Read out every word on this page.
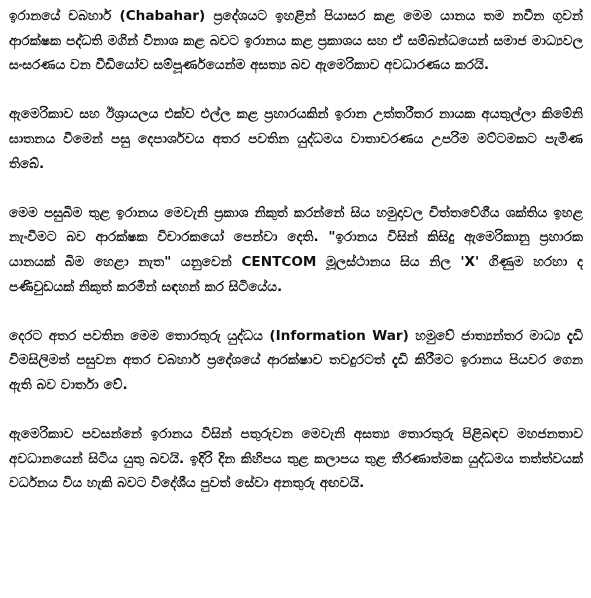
ඉරානයේ චබහාර් (Chabahar) ප්‍රදේශයට ඉහළින් පියාසර කළ මෙම යානය තම නවීන ගුවන් ආරක්ෂක පද්ධති මගින් විනාශ කළ බවට ඉරානය කළ ප්‍රකාශය සහ ඒ සම්බන්ධයෙන් සමාජ මාධ්‍යවල සංසරණය වන වීඩියෝව සම්පූර්ණයෙන්ම අසත්‍ය බව ඇමෙරිකාව අවධාරණය කරයි.

ඇමෙරිකාව සහ ඊශ්‍රායලය එක්ව එල්ල කළ ප්‍රහාරයකින් ඉරාන උත්තරීතර නායක අයතුල්ලා කිමේනි ඝාතනය වීමෙන් පසු දෙපාර්ශවය අතර පවතින යුද්ධමය වාතාවරණය උපරිම මට්ටමකට පැමිණ තිබේ.

මෙම පසුබිම තුළ ඉරානය මෙවැනි ප්‍රකාශ නිකුත් කරන්නේ සිය හමුදාවල චිත්තවේගීය ශක්තිය ඉහළ නැංවීමට බව ආරක්ෂක විචාරකයෝ පෙන්වා දෙති. "ඉරානය විසින් කිසිදු ඇමෙරිකානු ප්‍රහාරක යානයක් බිම හෙළා නැත" යනුවෙන් CENTCOM මූලස්ථානය සිය නිල 'X' ගිණුම හරහා ද පණිවුඩයක් නිකුත් කරමින් සඳහන් කර සිටියේය.

දෙරට අතර පවතින මෙම තොරතුරු යුද්ධය (Information War) හමුවේ ජාත්‍යන්තර මාධ්‍ය දැඩි විමසිලිමත් පසුවන අතර චබහාර් ප්‍රදේශයේ ආරක්ෂාව තවදුරටත් දැඩි කිරීමට ඉරානය පියවර ගෙන ඇති බව වාර්තා වේ.

ඇමෙරිකාව පවසන්නේ ඉරානය විසින් පතුරුවන මෙවැනි අසත්‍ය තොරතුරු පිළිබඳව මහජනතාව අවධානයෙන් සිටිය යුතු බවයි. ඉදිරි දින කිහිපය තුළ කලාපය තුළ තීරණාත්මක යුද්ධමය තත්ත්වයක් වර්ධනය විය හැකි බවට විදේශීය පුවත් සේවා අනතුරු අඟවයි.
